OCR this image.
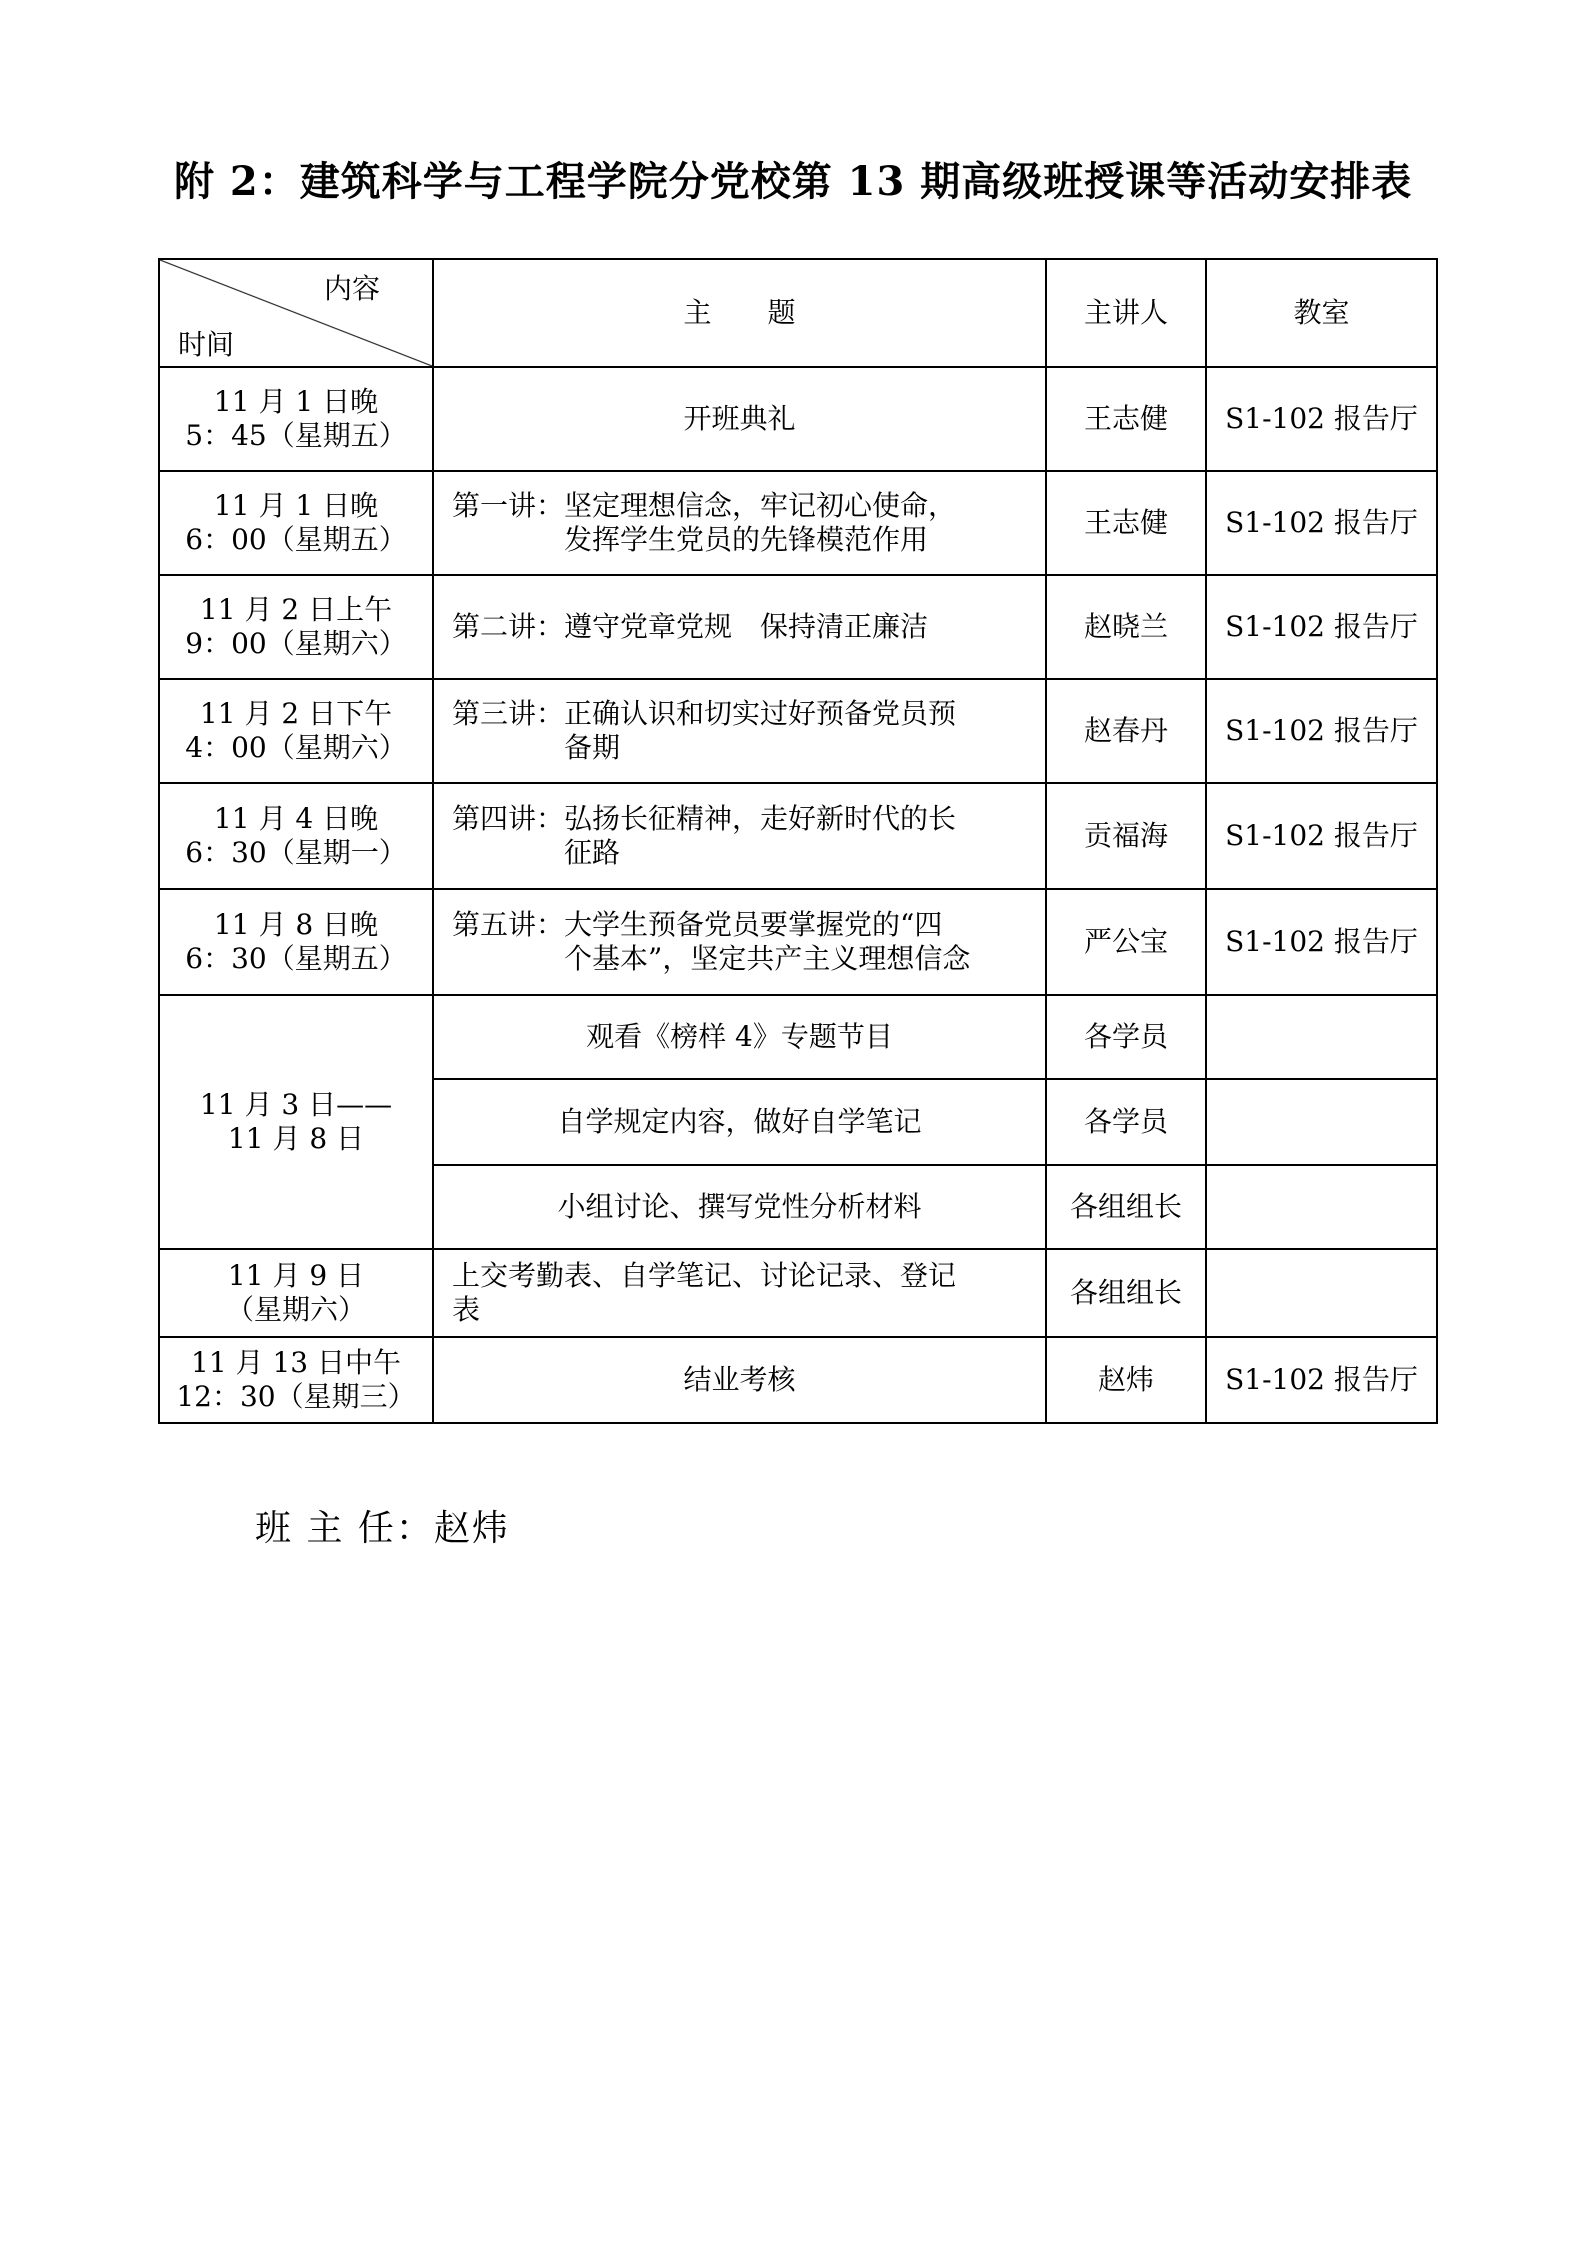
附 2：建筑科学与工程学院分党校第 13 期高级班授课等活动安排表
内容
时间	主　　题	主讲人	教室

11 月 1 日晚
5：45（星期五）	开班典礼	王志健	S1-102 报告厅

11 月 1 日晚
6：00（星期五）	第一讲：坚定理想信念，牢记初心使命，
发挥学生党员的先锋模范作用	王志健	S1-102 报告厅

11 月 2 日上午
9：00（星期六）	第二讲：遵守党章党规　保持清正廉洁	赵晓兰	S1-102 报告厅

11 月 2 日下午
4：00（星期六）	第三讲：正确认识和切实过好预备党员预
备期	赵春丹	S1-102 报告厅

11 月 4 日晚
6：30（星期一）	第四讲：弘扬长征精神，走好新时代的长
征路	贡福海	S1-102 报告厅

11 月 8 日晚
6：30（星期五）	第五讲：大学生预备党员要掌握党的“四
个基本”，坚定共产主义理想信念	严公宝	S1-102 报告厅

11 月 3 日——
11 月 8 日	观看《榜样 4》专题节目	各学员	
	自学规定内容，做好自学笔记	各学员	
	小组讨论、撰写党性分析材料	各组组长	

11 月 9 日
（星期六）	上交考勤表、自学笔记、讨论记录、登记
表	各组组长	

11 月 13 日中午
12：30（星期三）	结业考核	赵炜	S1-102 报告厅

班 主 任：赵炜
